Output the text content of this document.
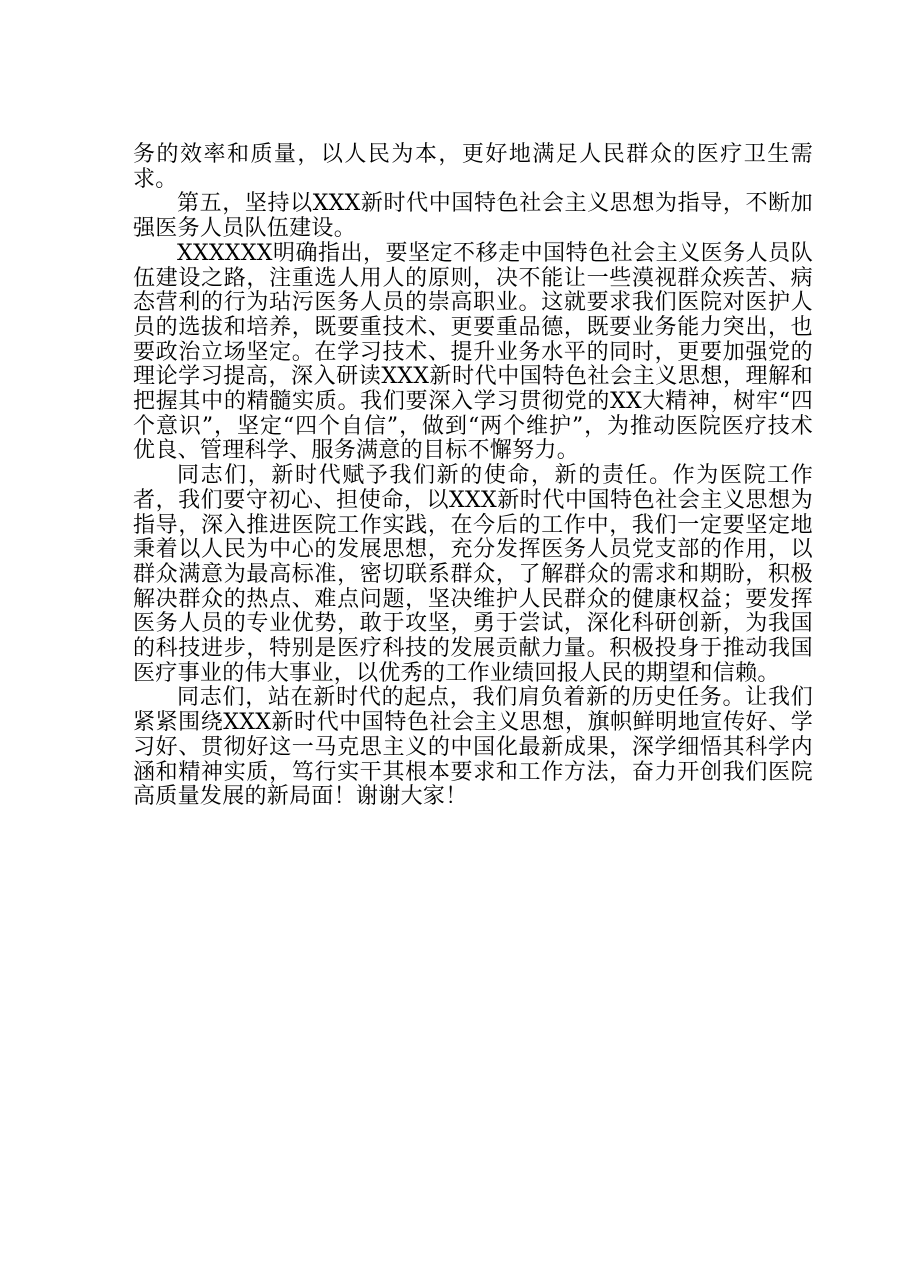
务的效率和质量，以人民为本，更好地满足人民群众的医疗卫生需求。

第五，坚持以XXX新时代中国特色社会主义思想为指导，不断加强医务人员队伍建设。

XXXXXX明确指出，要坚定不移走中国特色社会主义医务人员队伍建设之路，注重选人用人的原则，决不能让一些漠视群众疾苦、病态营利的行为玷污医务人员的崇高职业。这就要求我们医院对医护人员的选拔和培养，既要重技术、更要重品德，既要业务能力突出，也要政治立场坚定。在学习技术、提升业务水平的同时，更要加强党的理论学习提高，深入研读XXX新时代中国特色社会主义思想，理解和把握其中的精髓实质。我们要深入学习贯彻党的XX大精神，树牢“四个意识”，坚定“四个自信”，做到“两个维护”，为推动医院医疗技术优良、管理科学、服务满意的目标不懈努力。

同志们，新时代赋予我们新的使命，新的责任。作为医院工作者，我们要守初心、担使命，以XXX新时代中国特色社会主义思想为指导，深入推进医院工作实践，在今后的工作中，我们一定要坚定地秉着以人民为中心的发展思想，充分发挥医务人员党支部的作用，以群众满意为最高标准，密切联系群众，了解群众的需求和期盼，积极解决群众的热点、难点问题，坚决维护人民群众的健康权益；要发挥医务人员的专业优势，敢于攻坚，勇于尝试，深化科研创新，为我国的科技进步，特别是医疗科技的发展贡献力量。积极投身于推动我国医疗事业的伟大事业，以优秀的工作业绩回报人民的期望和信赖。

同志们，站在新时代的起点，我们肩负着新的历史任务。让我们紧紧围绕XXX新时代中国特色社会主义思想，旗帜鲜明地宣传好、学习好、贯彻好这一马克思主义的中国化最新成果，深学细悟其科学内涵和精神实质，笃行实干其根本要求和工作方法，奋力开创我们医院高质量发展的新局面！谢谢大家！
